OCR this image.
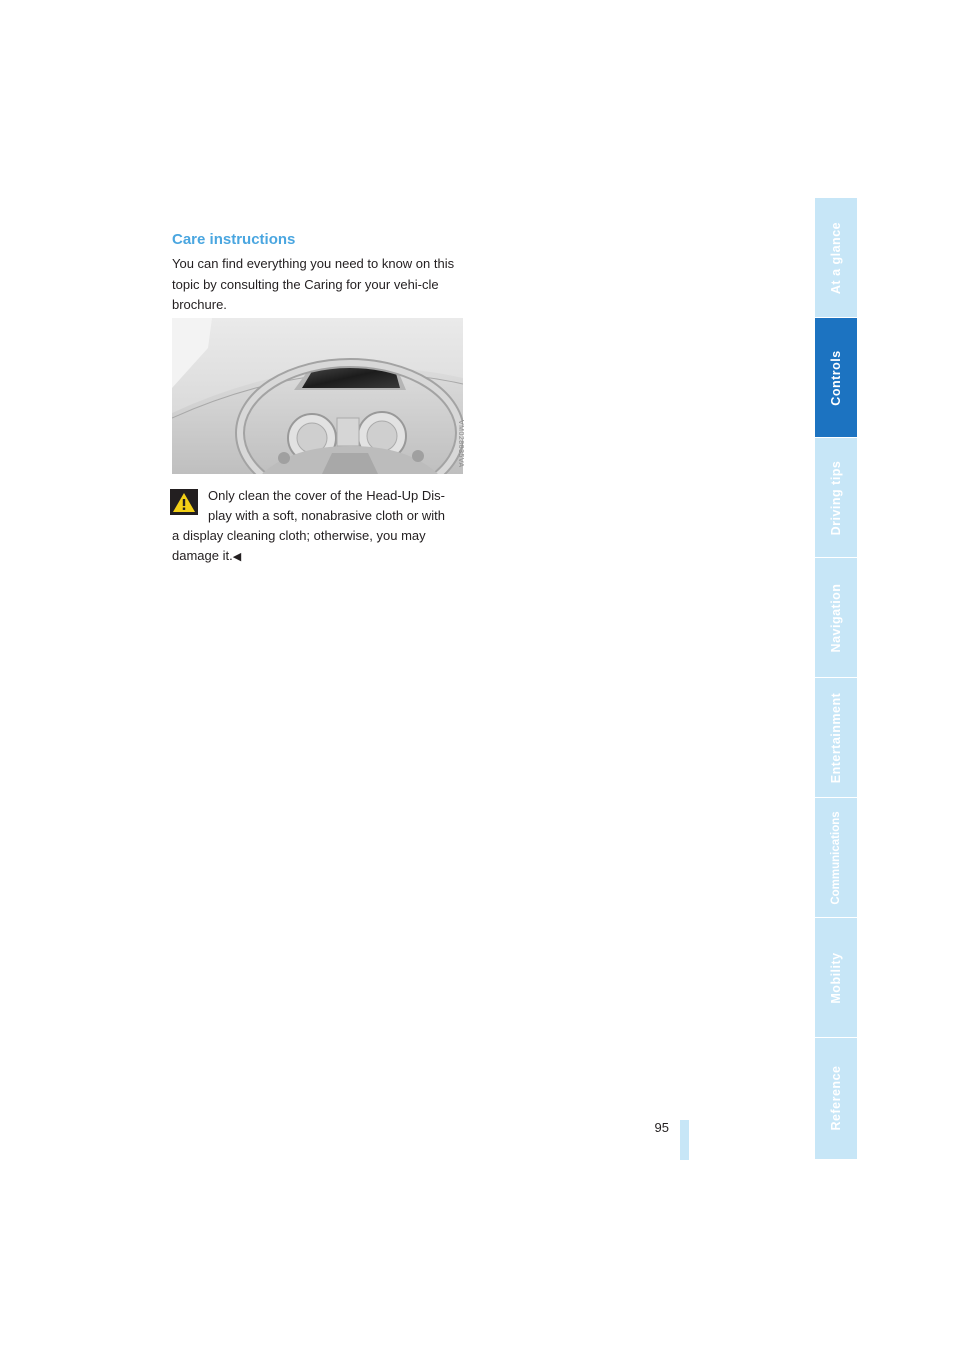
Care instructions

You can find everything you need to know on this topic by consulting the Caring for your vehi-cle brochure.

VM028035VA
Only clean the cover of the Head-Up Dis-
play with a soft, nonabrasive cloth or with
a display cleaning cloth; otherwise, you may
damage it.◀
95
At a glance
Controls
Driving tips
Navigation
Entertainment
Communications
Mobility
Reference
